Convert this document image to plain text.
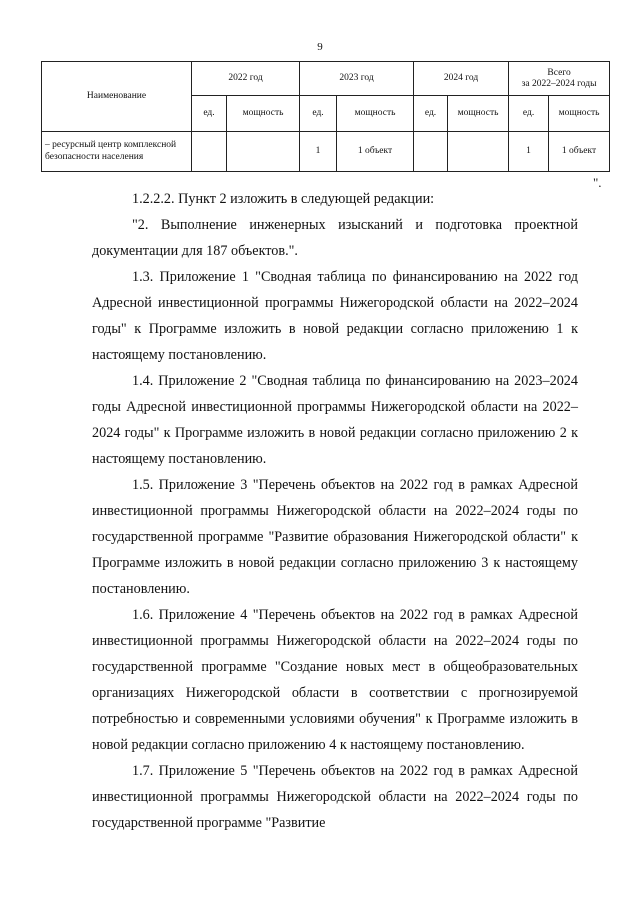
9
Наименование	2022 год		2023 год		2024 год		Всего
за 2022–2024 годы	
	ед.	мощность	ед.	мощность	ед.	мощность	ед.	мощность
– ресурсный центр комплексной безопасности населения			1	1 объект			1	1 объект
".

1.2.2.2. Пункт 2 изложить в следующей редакции:

"2. Выполнение инженерных изысканий и подготовка проектной документации для 187 объектов.".

1.3. Приложение 1 "Сводная таблица по финансированию на 2022 год Адресной инвестиционной программы Нижегородской области на 2022–2024 годы" к Программе изложить в новой редакции согласно приложению 1 к настоящему постановлению.

1.4. Приложение 2 "Сводная таблица по финансированию на 2023–2024 годы Адресной инвестиционной программы Нижегородской области на 2022–2024 годы" к Программе изложить в новой редакции согласно приложению 2 к настоящему постановлению.

1.5. Приложение 3 "Перечень объектов на 2022 год в рамках Адресной инвестиционной программы Нижегородской области на 2022–2024 годы по государственной программе "Развитие образования Нижегородской области" к Программе изложить в новой редакции согласно приложению 3 к настоящему постановлению.

1.6. Приложение 4 "Перечень объектов на 2022 год в рамках Адресной инвестиционной программы Нижегородской области на 2022–2024 годы по государственной программе "Создание новых мест в общеобразовательных организациях Нижегородской области в соответствии с прогнозируемой потребностью и современными условиями обучения" к Программе изложить в новой редакции согласно приложению 4 к настоящему постановлению.

1.7. Приложение 5 "Перечень объектов на 2022 год в рамках Адресной инвестиционной программы Нижегородской области на 2022–2024 годы по государственной программе "Развитие
